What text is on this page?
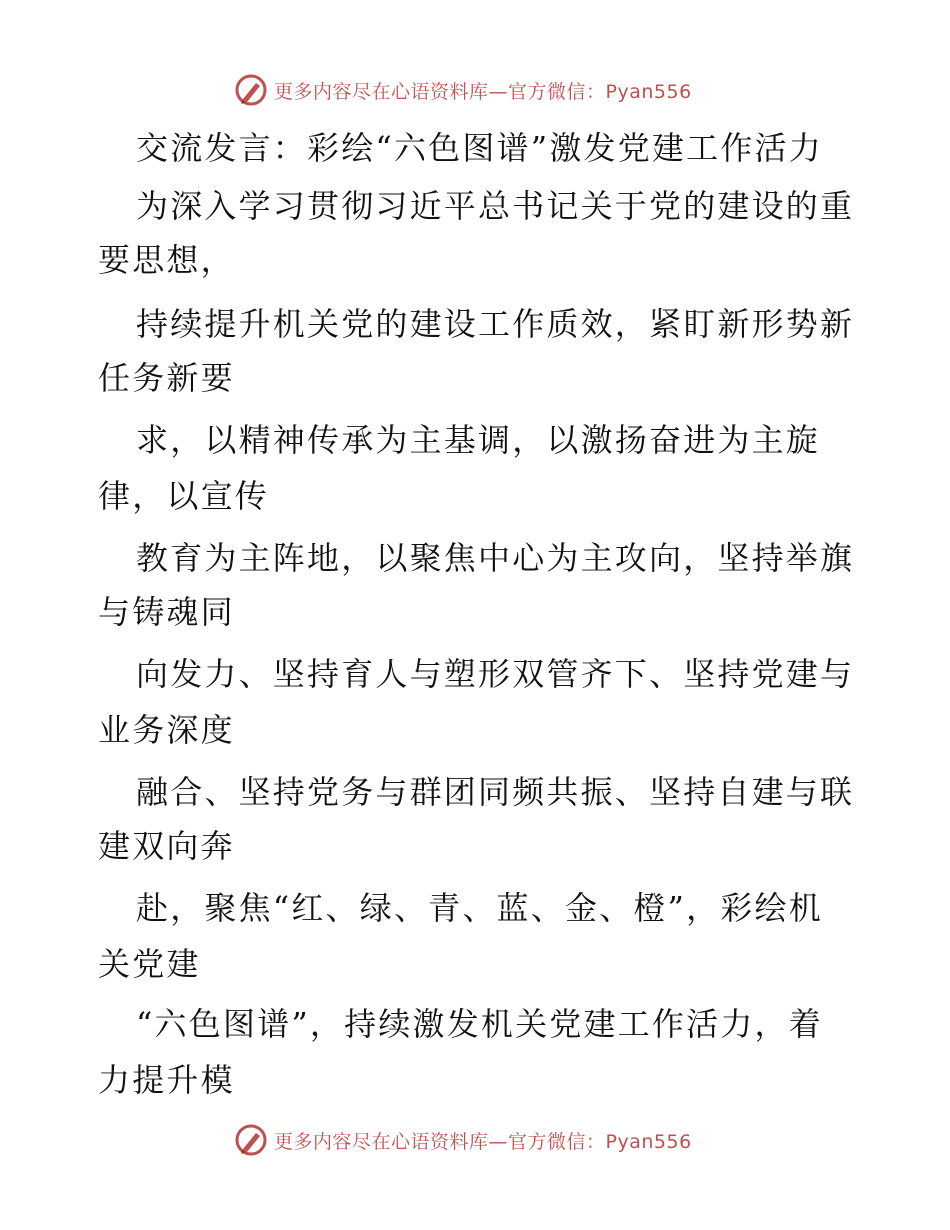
更多内容尽在心语资料库—官方微信：Pyan556
交流发言：彩绘“六色图谱”激发党建工作活力
为深入学习贯彻习近平总书记关于党的建设的重
要思想，
持续提升机关党的建设工作质效，紧盯新形势新
任务新要
求，以精神传承为主基调，以激扬奋进为主旋
律，以宣传
教育为主阵地，以聚焦中心为主攻向，坚持举旗
与铸魂同
向发力、坚持育人与塑形双管齐下、坚持党建与
业务深度
融合、坚持党务与群团同频共振、坚持自建与联
建双向奔
赴，聚焦“红、绿、青、蓝、金、橙”，彩绘机
关党建
“六色图谱”，持续激发机关党建工作活力，着
力提升模
更多内容尽在心语资料库—官方微信：Pyan556
